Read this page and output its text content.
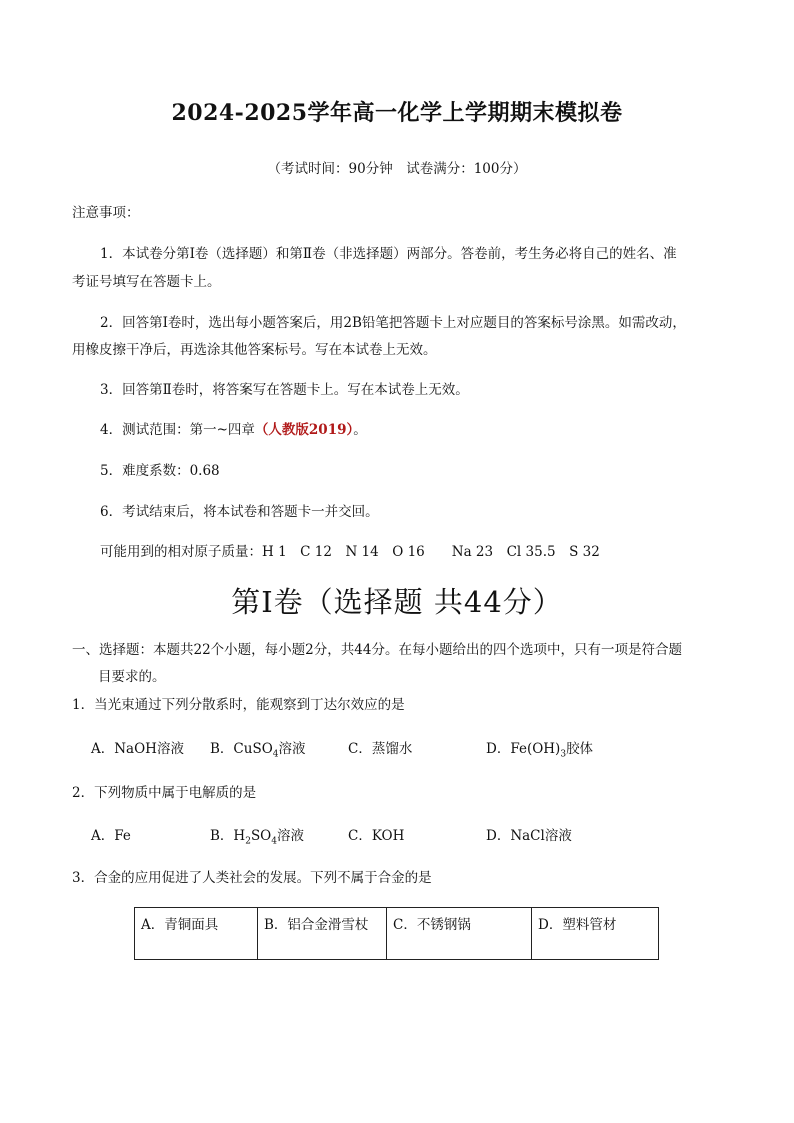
2024-2025学年高一化学上学期期末模拟卷
（考试时间：90分钟　试卷满分：100分）
注意事项：
1．本试卷分第Ⅰ卷（选择题）和第Ⅱ卷（非选择题）两部分。答卷前，考生务必将自己的姓名、准
考证号填写在答题卡上。
2．回答第Ⅰ卷时，选出每小题答案后，用2B铅笔把答题卡上对应题目的答案标号涂黑。如需改动，
用橡皮擦干净后，再选涂其他答案标号。写在本试卷上无效。
3．回答第Ⅱ卷时，将答案写在答题卡上。写在本试卷上无效。
4．测试范围：第一~四章（人教版2019）。
5．难度系数：0.68
6．考试结束后，将本试卷和答题卡一并交回。
可能用到的相对原子质量：H 1　C 12　N 14　O 16　　Na 23　Cl 35.5　S 32
第Ⅰ卷（选择题 共44分）
一、选择题：本题共22个小题，每小题2分，共44分。在每小题给出的四个选项中，只有一项是符合题
目要求的。
1．当光束通过下列分散系时，能观察到丁达尔效应的是
A．NaOH溶液 B．CuSO$_4$溶液	C．蒸馏水	D．$Fe(OH)_3$胶体
2．下列物质中属于电解质的是
A．Fe	B．$H_2SO_4$溶液	C．KOH	D．NaCl溶液
3．合金的应用促进了人类社会的发展。下列不属于合金的是
A．青铜面具	B．铝合金滑雪杖	C．不锈钢锅	D．塑料管材
